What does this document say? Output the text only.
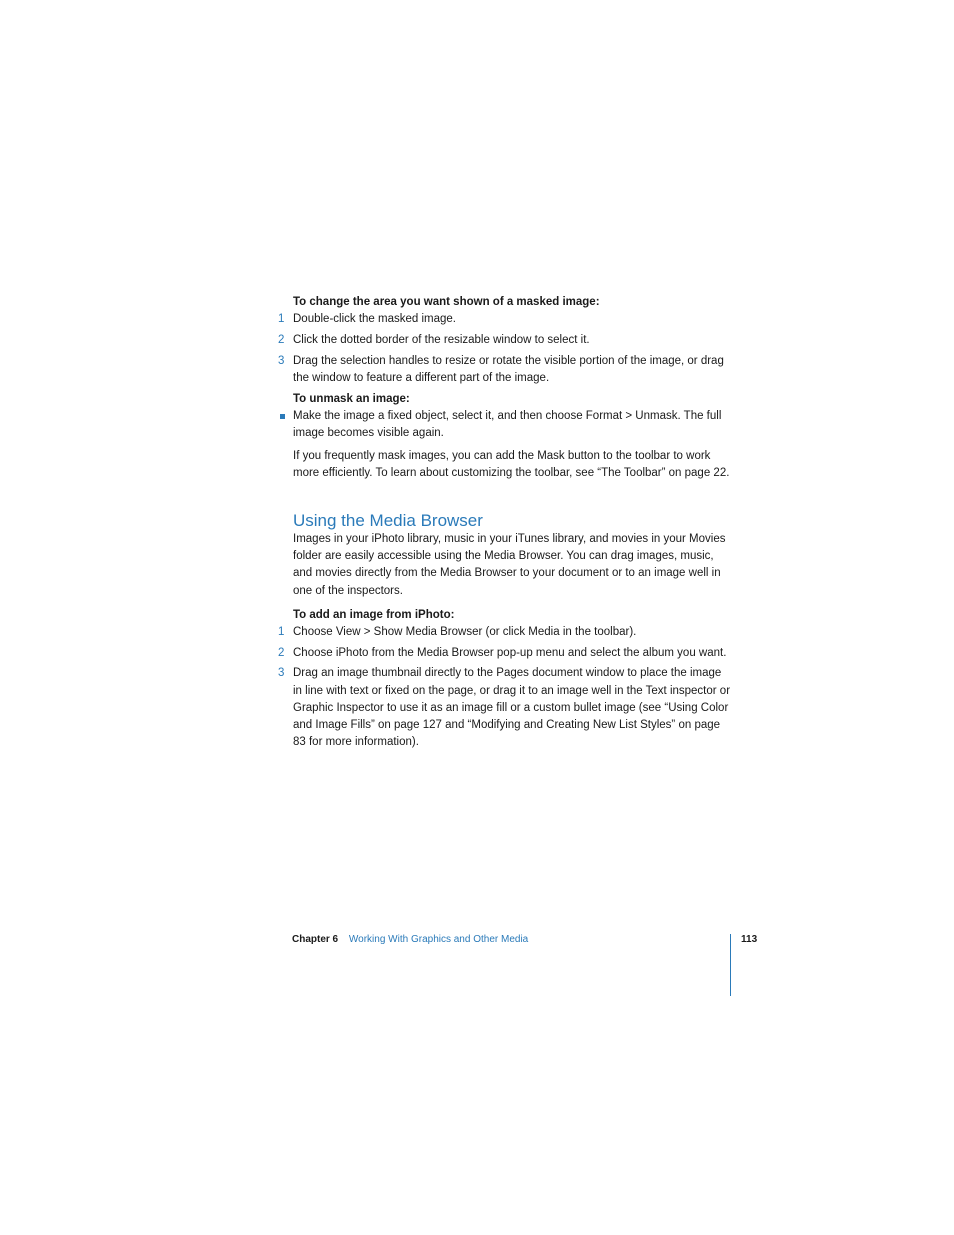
To change the area you want shown of a masked image:

1 Double-click the masked image.
2 Click the dotted border of the resizable window to select it.
3 Drag the selection handles to resize or rotate the visible portion of the image, or drag the window to feature a different part of the image.

To unmask an image:

Make the image a fixed object, select it, and then choose Format > Unmask. The full image becomes visible again.

If you frequently mask images, you can add the Mask button to the toolbar to work more efficiently. To learn about customizing the toolbar, see “The Toolbar” on page 22.

Using the Media Browser

Images in your iPhoto library, music in your iTunes library, and movies in your Movies folder are easily accessible using the Media Browser. You can drag images, music, and movies directly from the Media Browser to your document or to an image well in one of the inspectors.

To add an image from iPhoto:

1 Choose View > Show Media Browser (or click Media in the toolbar).
2 Choose iPhoto from the Media Browser pop-up menu and select the album you want.
3 Drag an image thumbnail directly to the Pages document window to place the image in line with text or fixed on the page, or drag it to an image well in the Text inspector or Graphic Inspector to use it as an image fill or a custom bullet image (see “Using Color and Image Fills” on page 127 and “Modifying and Creating New List Styles” on page 83 for more information).
Chapter 6 Working With Graphics and Other Media	113
